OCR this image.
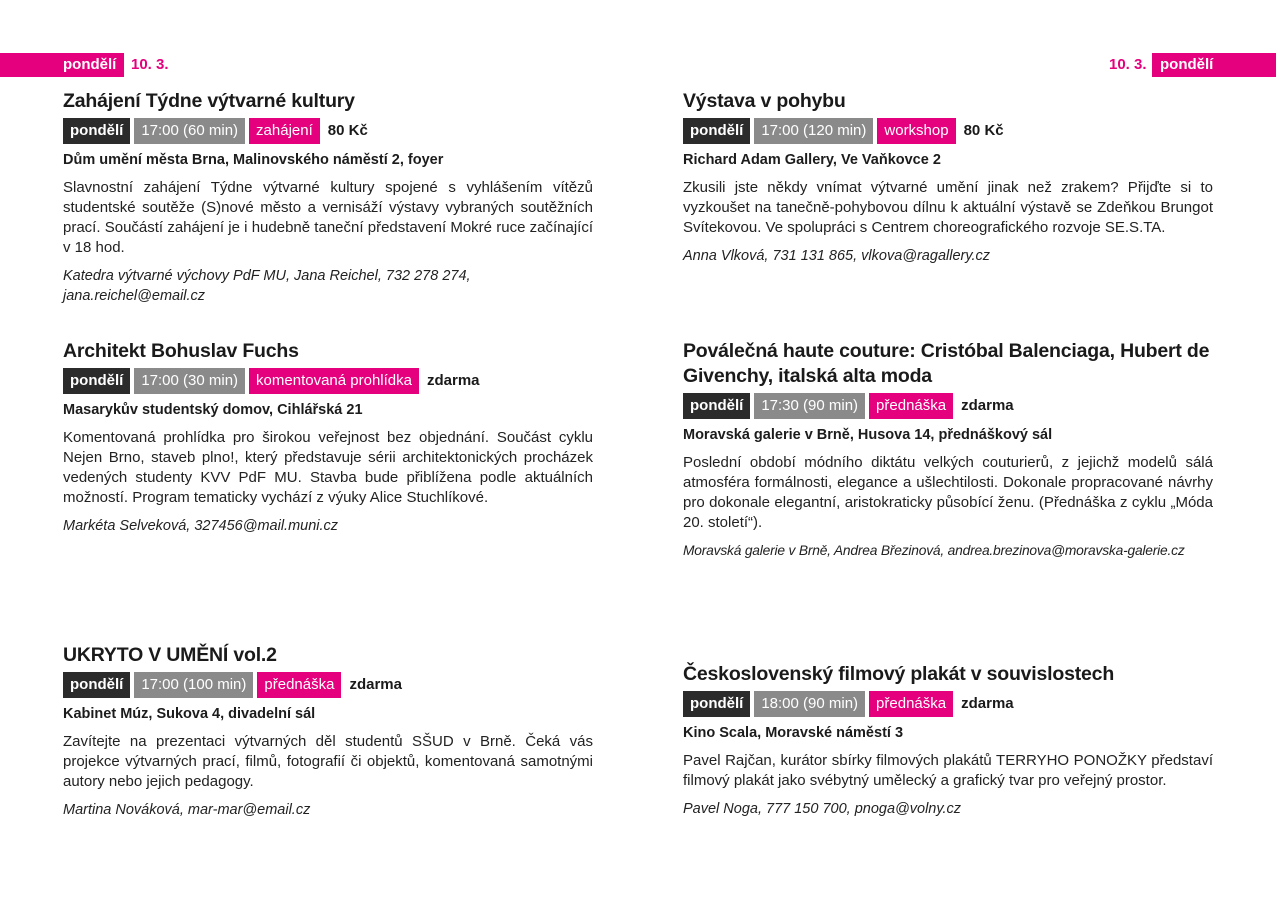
pondělí 10. 3.	10. 3. pondělí
Zahájení Týdne výtvarné kultury
pondělí	17:00 (60 min)	zahájení	80 Kč
Dům umění města Brna, Malinovského náměstí 2, foyer
Slavnostní zahájení Týdne výtvarné kultury spojené s vyhlášením vítězů studentské soutěže (S)nové město a vernisáží výstavy vybraných soutěžních prací. Součástí zahájení je i hudebně taneční představení Mokré ruce začínající v 18 hod.
Katedra výtvarné výchovy PdF MU, Jana Reichel, 732 278 274, jana.reichel@email.cz
Architekt Bohuslav Fuchs
pondělí	17:00 (30 min)	komentovaná prohlídka	zdarma
Masarykův studentský domov, Cihlářská 21
Komentovaná prohlídka pro širokou veřejnost bez objednání. Součást cyklu Nejen Brno, staveb plno!, který představuje sérii architektonických procházek vedených studenty KVV PdF MU. Stavba bude přiblížena podle aktuálních možností. Program tematicky vychází z výuky Alice Stuchlíkové.
Markéta Selveková, 327456@mail.muni.cz
UKRYTO V UMĚNÍ vol.2
pondělí	17:00 (100 min)	přednáška	zdarma
Kabinet Múz, Sukova 4, divadelní sál
Zavítejte na prezentaci výtvarných děl studentů SŠUD v Brně. Čeká vás projekce výtvarných prací, filmů, fotografií či objektů, komentovaná samotnými autory nebo jejich pedagogy.
Martina Nováková, mar-mar@email.cz
Výstava v pohybu
pondělí	17:00 (120 min)	workshop	80 Kč
Richard Adam Gallery, Ve Vaňkovce 2
Zkusili jste někdy vnímat výtvarné umění jinak než zrakem? Přijďte si to vyzkoušet na tanečně-pohybovou dílnu k aktuální výstavě se Zdeňkou Brungot Svítekovou. Ve spolupráci s Centrem choreografického rozvoje SE.S.TA.
Anna Vlková, 731 131 865, vlkova@ragallery.cz
Poválečná haute couture: Cristóbal Balenciaga, Hubert de Givenchy, italská alta moda
pondělí	17:30 (90 min)	přednáška	zdarma
Moravská galerie v Brně, Husova 14, přednáškový sál
Poslední období módního diktátu velkých couturierů, z jejichž modelů sálá atmosféra formálnosti, elegance a ušlechtilosti. Dokonale propracované návrhy pro dokonale elegantní, aristokraticky působící ženu. (Přednáška z cyklu „Móda 20. století“).
Moravská galerie v Brně, Andrea Březinová, andrea.brezinova@moravska-galerie.cz
Československý filmový plakát v souvislostech
pondělí	18:00 (90 min)	přednáška	zdarma
Kino Scala, Moravské náměstí 3
Pavel Rajčan, kurátor sbírky filmových plakátů TERRYHO PONOŽKY představí filmový plakát jako svébytný umělecký a grafický tvar pro veřejný prostor.
Pavel Noga, 777 150 700, pnoga@volny.cz
